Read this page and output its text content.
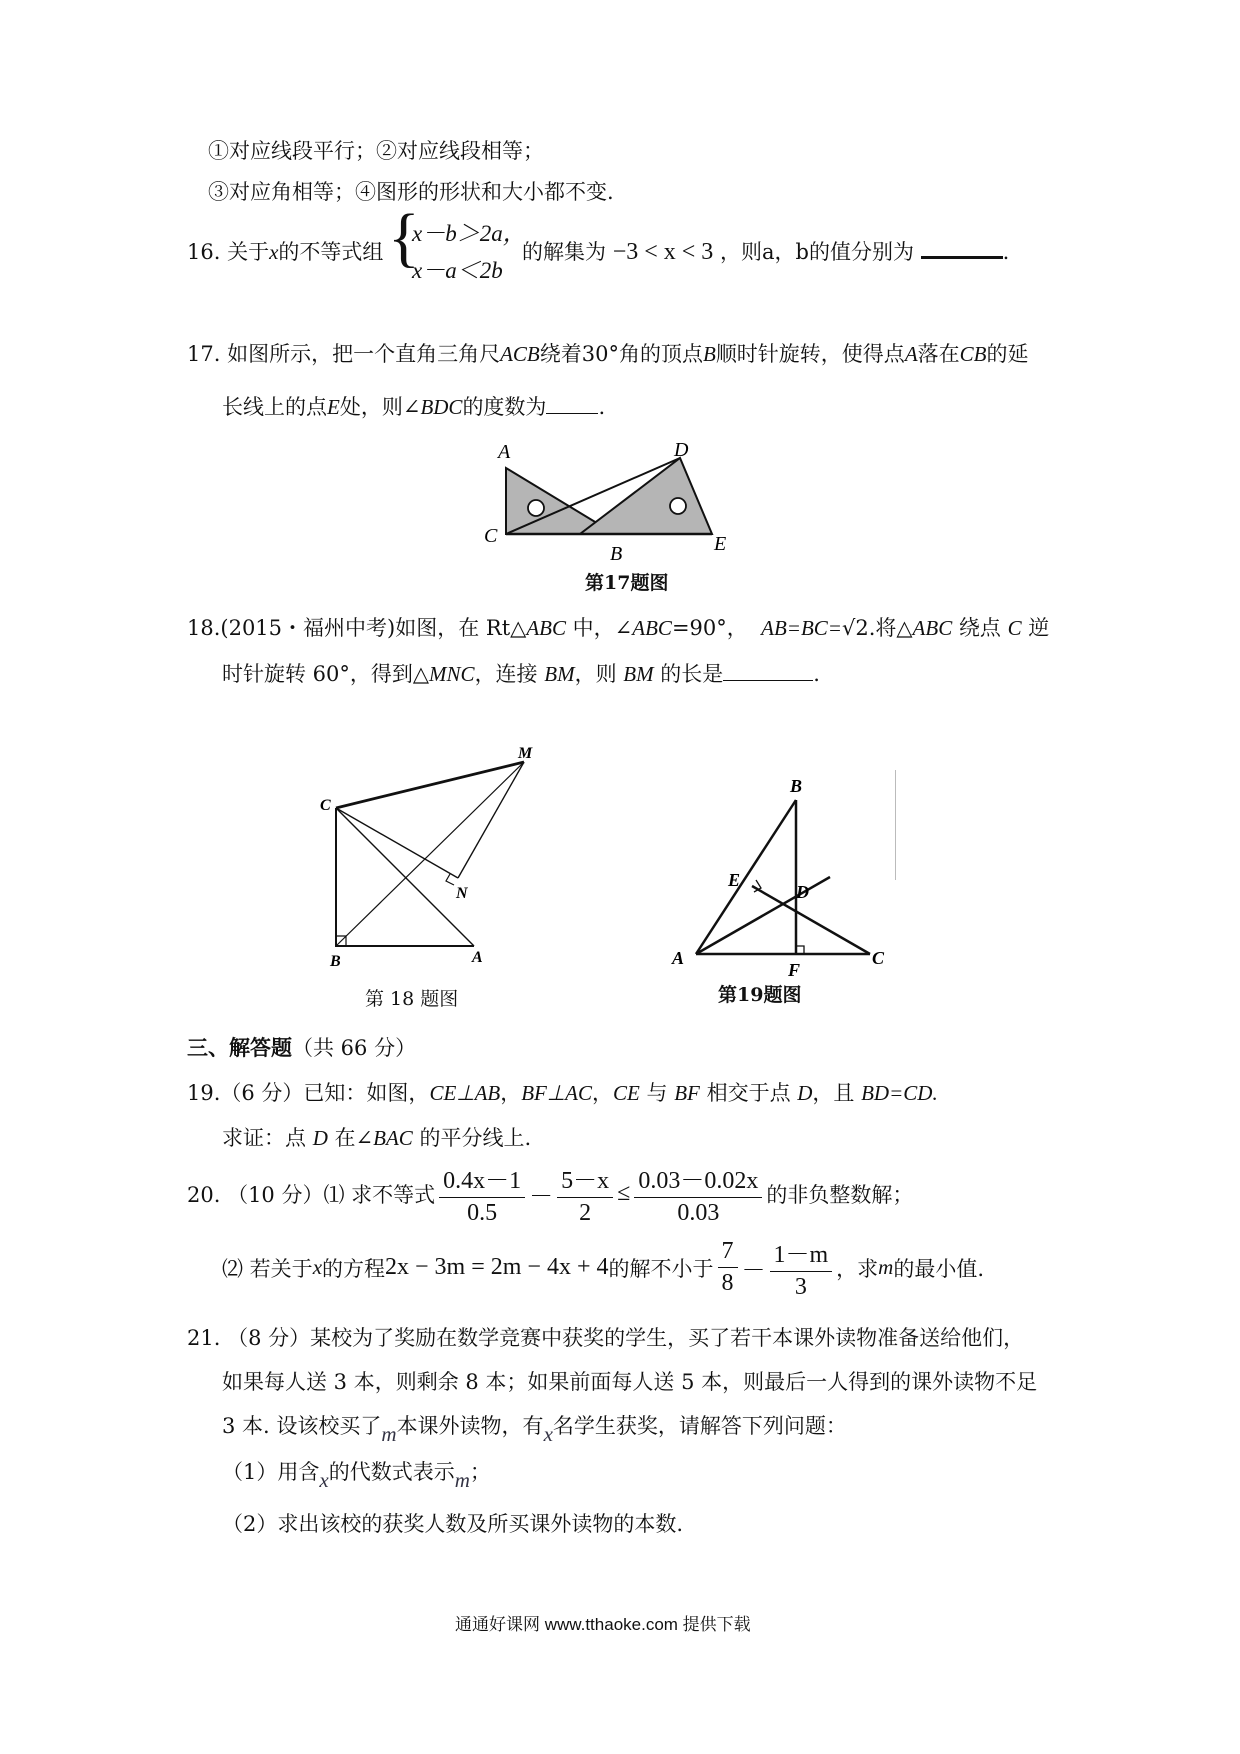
①对应线段平行；②对应线段相等；
③对应角相等；④图形的形状和大小都不变.
16. 关于x的不等式组 {
x－b＞2a，
x－a＜2b
的解集为 −3 < x < 3 ，则a，b的值分别为	.
17. 如图所示，把一个直角三角尺ACB绕着30°角的顶点B顺时针旋转，使得点A落在CB的延
长线上的点E处，则∠BDC的度数为 .
A
C
B	E
D
第17题图
18.(2015・福州中考)如图，在 Rt△ABC 中，∠ABC=90°， AB=BC=√2.将△ABC 绕点 C 逆
时针旋转 60°，得到△MNC，连接 BM，则 BM 的长是	.
M
C
N
B	A
第 18 题图
B
E
D
A
F
C
第19题图
三、解答题（共 66 分）
19.（6 分）已知：如图，CE⊥AB，BF⊥AC，CE 与 BF 相交于点 D，且 BD=CD.
求证：点 D 在∠BAC 的平分线上.
20. （10 分）⑴ 求不等式 $\frac{0.4x-1}{0.5} - \frac{5-x}{2} \le \frac{0.03-0.02x}{0.03}$ 的非负整数解；
⑵ 若关于 x 的方程 2x − 3m = 2m − 4x + 4 的解不小于 $\frac{7}{8} - \frac{1-m}{3}$ ，求 m 的最小值.
21. （8 分）某校为了奖励在数学竞赛中获奖的学生，买了若干本课外读物准备送给他们，
如果每人送 3 本，则剩余 8 本；如果前面每人送 5 本，则最后一人得到的课外读物不足
3 本. 设该校买了m本课外读物，有x名学生获奖，请解答下列问题：
（1）用含x的代数式表示m；
（2）求出该校的获奖人数及所买课外读物的本数.
通通好课网 www.tthaoke.com 提供下载
